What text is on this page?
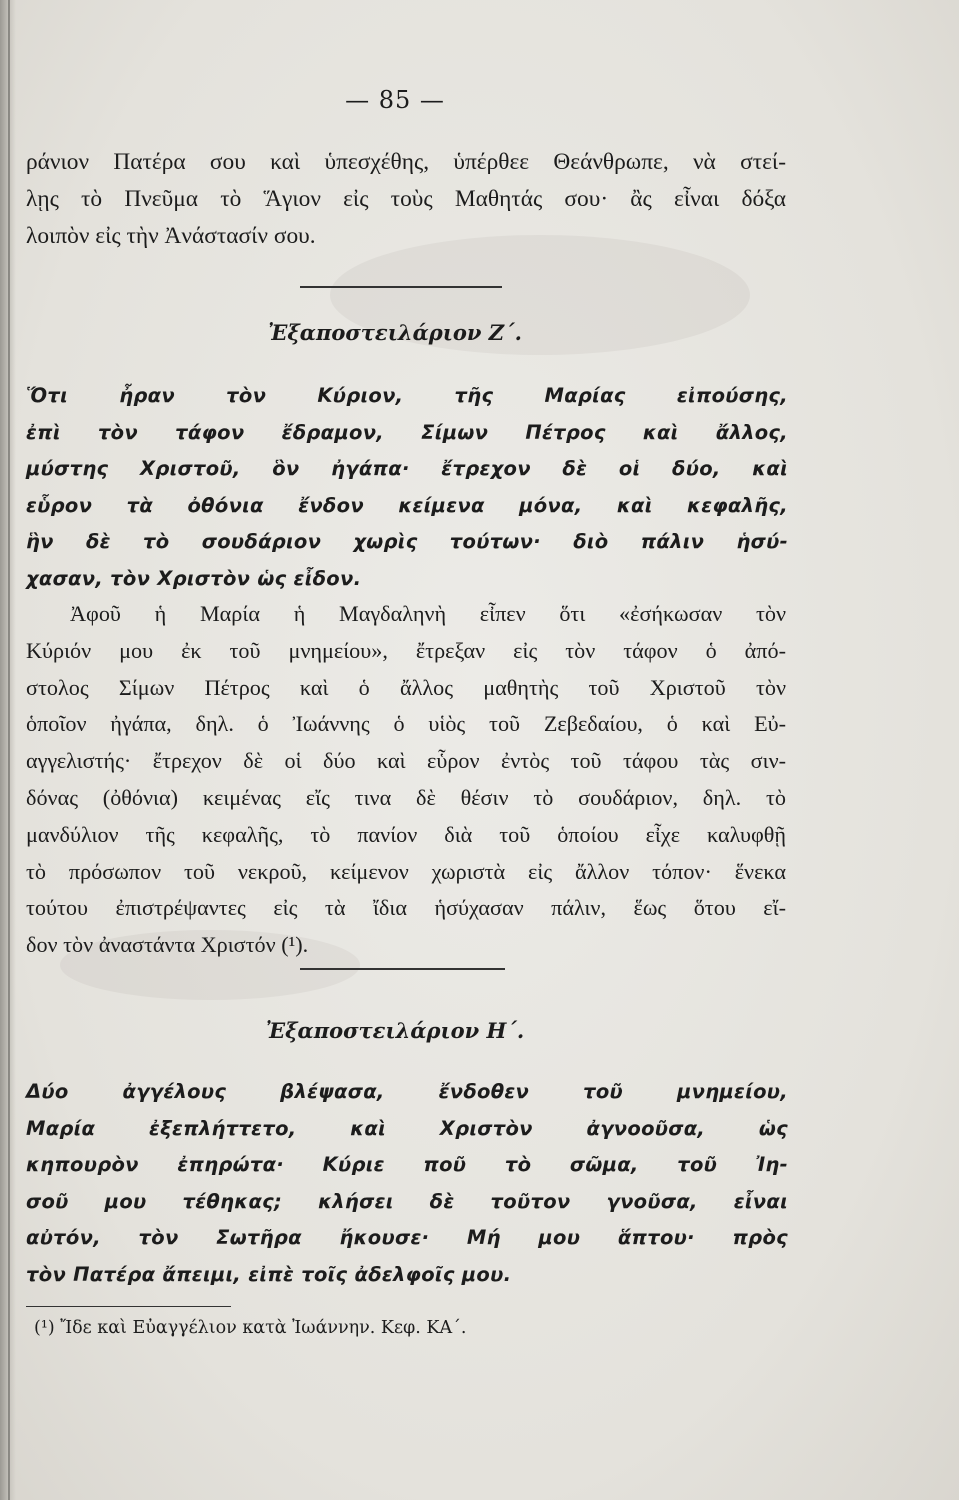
— 85 —
ράνιον Πατέρα σου καὶ ὑπεσχέθης, ὑπέρθεε Θεάνθρωπε, νὰ στεί-
λῃς τὸ Πνεῦμα τὸ Ἅγιον εἰς τοὺς Μαθητάς σου· ἂς εἶναι δόξα
λοιπὸν εἰς τὴν Ἀνάστασίν σου.
Ἐξαποστειλάριον Ζ΄.
Ὅτι ἦραν τὸν Κύριον, τῆς Μαρίας εἰπούσης,
ἐπὶ τὸν τάφον ἔδραμον, Σίμων Πέτρος καὶ ἄλλος,
μύστης Χριστοῦ, ὃν ἠγάπα· ἔτρεχον δὲ οἱ δύο, καὶ
εὗρον τὰ ὀθόνια ἔνδον κείμενα μόνα, καὶ κεφαλῆς,
ἣν δὲ τὸ σουδάριον χωρὶς τούτων· διὸ πάλιν ἡσύ-
χασαν, τὸν Χριστὸν ὡς εἶδον.
Ἀφοῦ ἡ Μαρία ἡ Μαγδαληνὴ εἶπεν ὅτι «ἐσήκωσαν τὸν
Κύριόν μου ἐκ τοῦ μνημείου», ἔτρεξαν εἰς τὸν τάφον ὁ ἀπό-
στολος Σίμων Πέτρος καὶ ὁ ἄλλος μαθητὴς τοῦ Χριστοῦ τὸν
ὁποῖον ἠγάπα, δηλ. ὁ Ἰωάννης ὁ υἱὸς τοῦ Ζεβεδαίου, ὁ καὶ Εὐ-
αγγελιστής· ἔτρεχον δὲ οἱ δύο καὶ εὗρον ἐντὸς τοῦ τάφου τὰς σιν-
δόνας (ὀθόνια) κειμένας εἴς τινα δὲ θέσιν τὸ σουδάριον, δηλ. τὸ
μανδύλιον τῆς κεφαλῆς, τὸ πανίον διὰ τοῦ ὁποίου εἶχε καλυφθῇ
τὸ πρόσωπον τοῦ νεκροῦ, κείμενον χωριστὰ εἰς ἄλλον τόπον· ἕνεκα
τούτου ἐπιστρέψαντες εἰς τὰ ἴδια ἡσύχασαν πάλιν, ἕως ὅτου εἴ-
δον τὸν ἀναστάντα Χριστόν (¹).
Ἐξαποστειλάριον Η΄.
Δύο ἀγγέλους βλέψασα, ἔνδοθεν τοῦ μνημείου,
Μαρία ἐξεπλήττετο, καὶ Χριστὸν ἀγνοοῦσα, ὡς
κηπουρὸν ἐπηρώτα· Κύριε ποῦ τὸ σῶμα, τοῦ Ἰη-
σοῦ μου τέθηκας; κλήσει δὲ τοῦτον γνοῦσα, εἶναι
αὐτόν, τὸν Σωτῆρα ἤκουσε· Μή μου ἅπτου· πρὸς
τὸν Πατέρα ἄπειμι, εἰπὲ τοῖς ἀδελφοῖς μου.
(¹) Ἴδε καὶ Εὐαγγέλιον κατὰ Ἰωάννην. Κεφ. ΚΑ΄.
